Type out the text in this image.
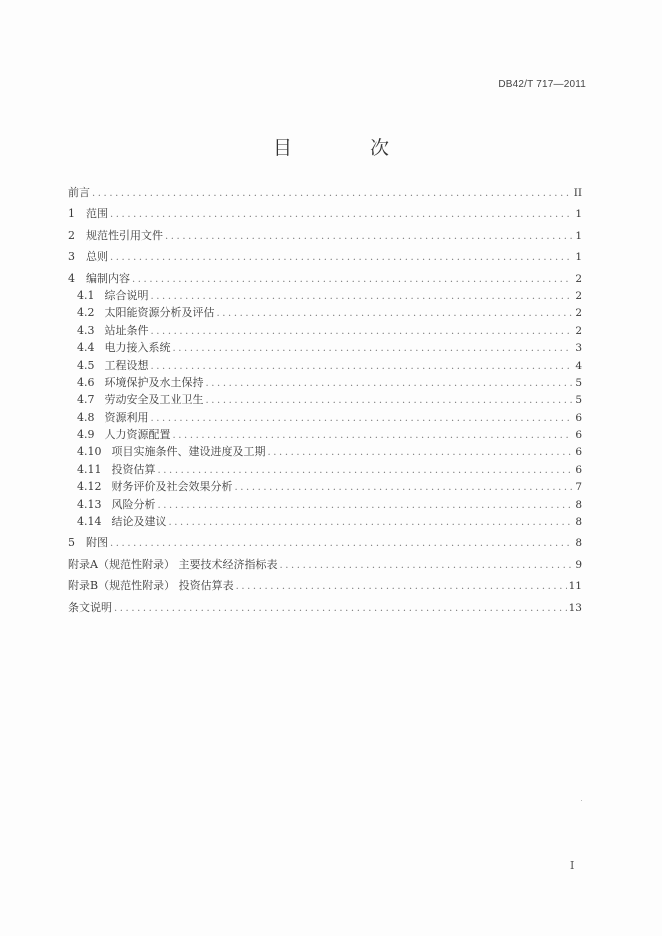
DB42/T 717—2011
目 次
前言 .....	II
1 范围 .....	1
2 规范性引用文件 .....	1
3 总则 .....	1
4 编制内容 .....	2
4.1 综合说明 .....	2
4.2 太阳能资源分析及评估 .....	2
4.3 站址条件 .....	2
4.4 电力接入系统 .....	3
4.5 工程设想 .....	4
4.6 环境保护及水土保持 .....	5
4.7 劳动安全及工业卫生 .....	5
4.8 资源利用 .....	6
4.9 人力资源配置 .....	6
4.10 项目实施条件、建设进度及工期 .....	6
4.11 投资估算 .....	6
4.12 财务评价及社会效果分析 .....	7
4.13 风险分析 .....	8
4.14 结论及建议 .....	8
5 附图 .....	8
附录A（规范性附录） 主要技术经济指标表 .....	9
附录B（规范性附录） 投资估算表 .....	11
条文说明 .....	13
I
